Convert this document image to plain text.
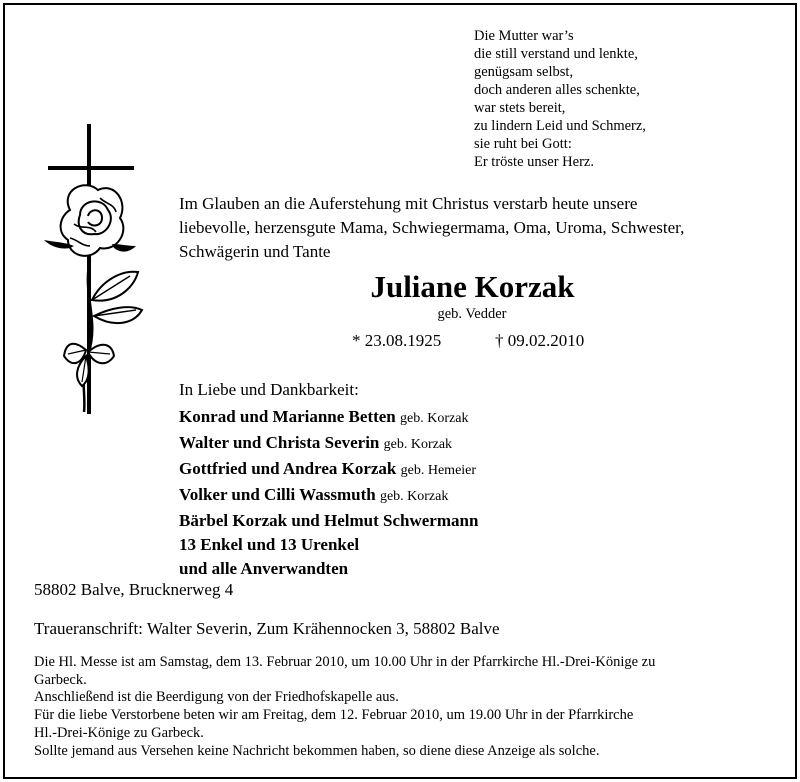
Die Mutter war’s
die still verstand und lenkte,
genügsam selbst,
doch anderen alles schenkte,
war stets bereit,
zu lindern Leid und Schmerz,
sie ruht bei Gott:
Er tröste unser Herz.
Im Glauben an die Auferstehung mit Christus verstarb heute unsere
liebevolle, herzensgute Mama, Schwiegermama, Oma, Uroma, Schwester,
Schwägerin und Tante
Juliane Korzak
geb. Vedder
* 23.08.1925	† 09.02.2010
In Liebe und Dankbarkeit:
Konrad und Marianne Betten geb. Korzak
Walter und Christa Severin geb. Korzak
Gottfried und Andrea Korzak geb. Hemeier
Volker und Cilli Wassmuth geb. Korzak
Bärbel Korzak und Helmut Schwermann
13 Enkel und 13 Urenkel
und alle Anverwandten
58802 Balve, Brucknerweg 4
Traueranschrift: Walter Severin, Zum Krähennocken 3, 58802 Balve
Die Hl. Messe ist am Samstag, dem 13. Februar 2010, um 10.00 Uhr in der Pfarrkirche Hl.-Drei-Könige zu
Garbeck.
Anschließend ist die Beerdigung von der Friedhofskapelle aus.
Für die liebe Verstorbene beten wir am Freitag, dem 12. Februar 2010, um 19.00 Uhr in der Pfarrkirche
Hl.-Drei-Könige zu Garbeck.
Sollte jemand aus Versehen keine Nachricht bekommen haben, so diene diese Anzeige als solche.
